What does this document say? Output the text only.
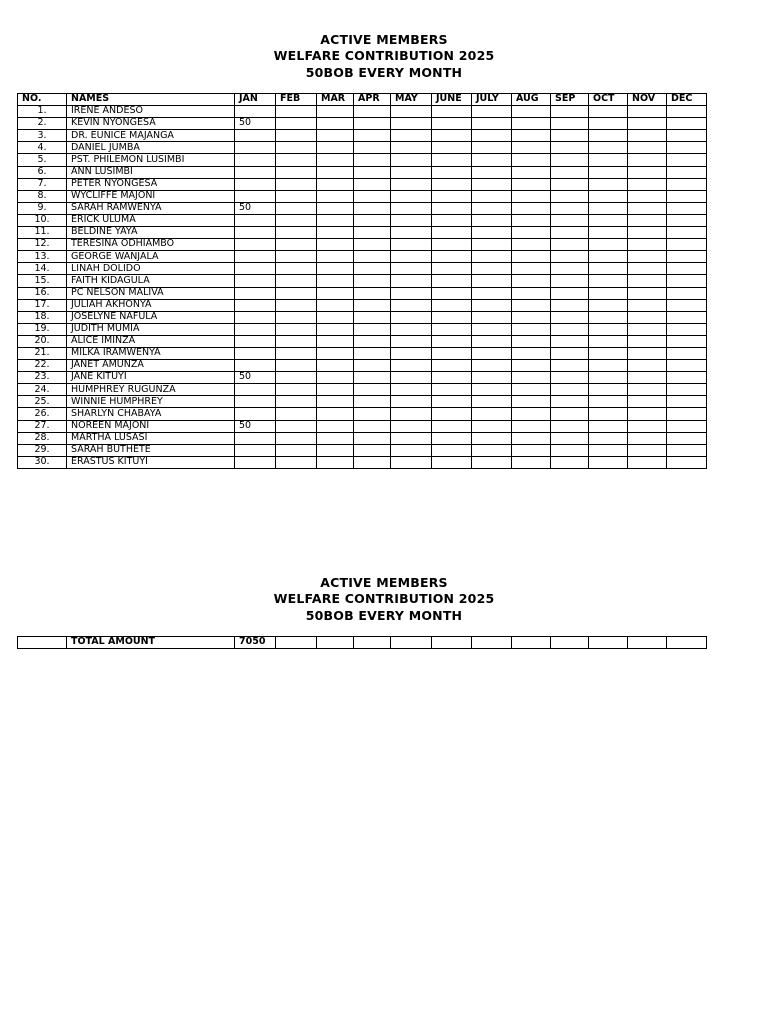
ACTIVE MEMBERS
WELFARE CONTRIBUTION 2025
50BOB EVERY MONTH
NO.	NAMES	JAN	FEB	MAR	APR	MAY	JUNE	JULY	AUG	SEP	OCT	NOV	DEC
1.	IRENE ANDESO												
2.	KEVIN NYONGESA	50											
3.	DR. EUNICE MAJANGA												
4.	DANIEL JUMBA												
5.	PST. PHILEMON LUSIMBI												
6.	ANN LUSIMBI												
7.	PETER NYONGESA												
8.	WYCLIFFE MAJONI												
9.	SARAH RAMWENYA	50											
10.	ERICK ULUMA												
11.	BELDINE YAYA												
12.	TERESINA ODHIAMBO												
13.	GEORGE WANJALA												
14.	LINAH DOLIDO												
15.	FAITH KIDAGULA												
16.	PC NELSON MALIVA												
17.	JULIAH AKHONYA												
18.	JOSELYNE NAFULA												
19.	JUDITH MUMIA												
20.	ALICE IMINZA												
21.	MILKA IRAMWENYA												
22.	JANET AMUNZA												
23.	JANE KITUYI	50											
24.	HUMPHREY RUGUNZA												
25.	WINNIE HUMPHREY												
26.	SHARLYN CHABAYA												
27.	NOREEN MAJONI	50											
28.	MARTHA LUSASI												
29.	SARAH BUTHETE												
30.	ERASTUS KITUYI												
ACTIVE MEMBERS
WELFARE CONTRIBUTION 2025
50BOB EVERY MONTH
	TOTAL AMOUNT	7050											
